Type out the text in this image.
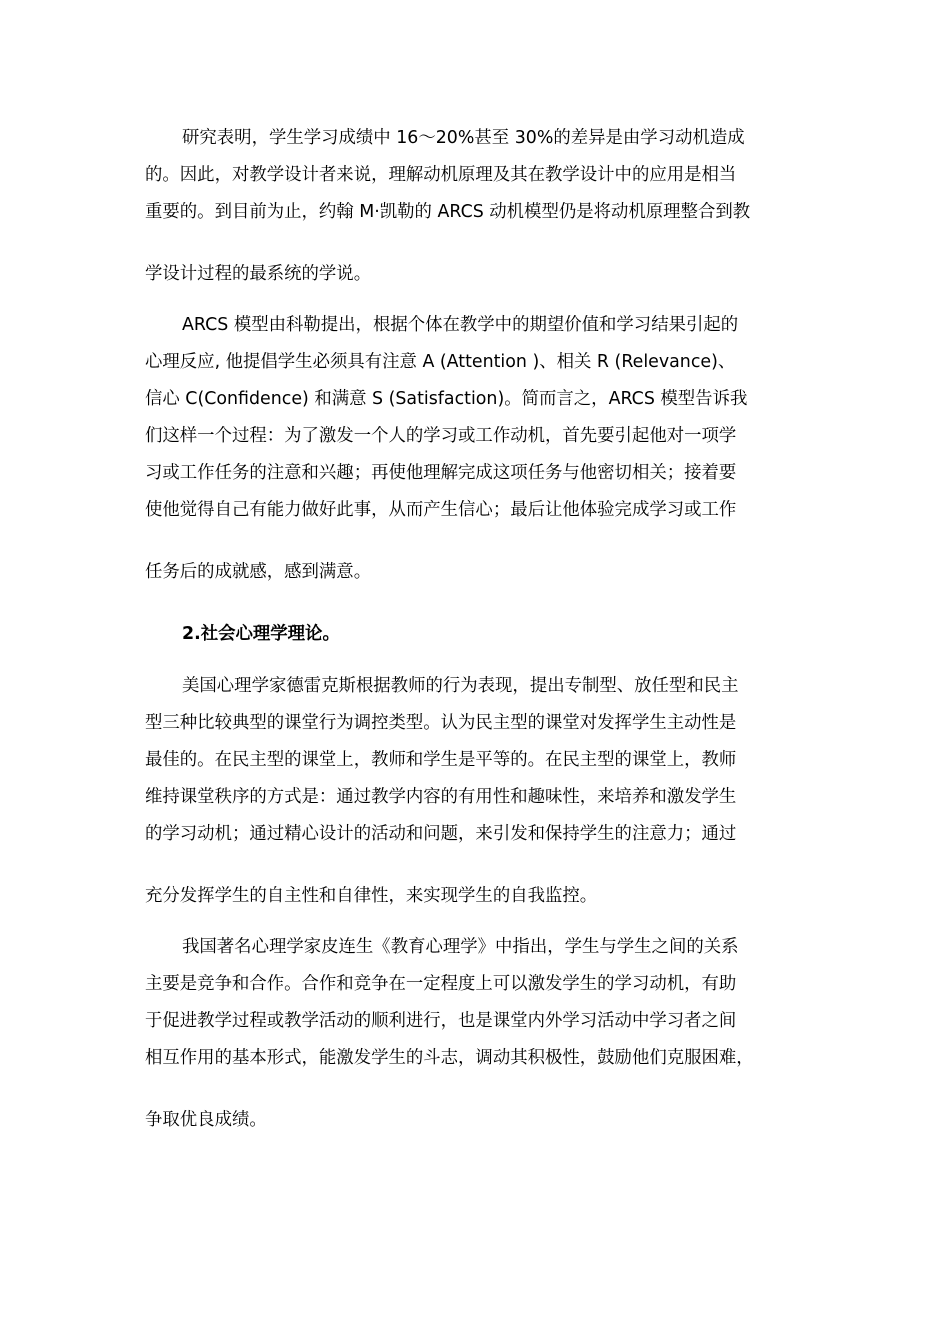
研究表明，学生学习成绩中 16～20%甚至 30%的差异是由学习动机造成
的。因此，对教学设计者来说，理解动机原理及其在教学设计中的应用是相当
重要的。到目前为止，约翰 M·凯勒的 ARCS 动机模型仍是将动机原理整合到教
学设计过程的最系统的学说。
ARCS 模型由科勒提出，根据个体在教学中的期望价值和学习结果引起的
心理反应, 他提倡学生必须具有注意 A (Attention )、相关 R (Relevance)、
信心 C(Confidence) 和满意 S (Satisfaction)。简而言之，ARCS 模型告诉我
们这样一个过程：为了激发一个人的学习或工作动机，首先要引起他对一项学
习或工作任务的注意和兴趣；再使他理解完成这项任务与他密切相关；接着要
使他觉得自己有能力做好此事，从而产生信心；最后让他体验完成学习或工作
任务后的成就感，感到满意。
2.社会心理学理论。
美国心理学家德雷克斯根据教师的行为表现，提出专制型、放任型和民主
型三种比较典型的课堂行为调控类型。认为民主型的课堂对发挥学生主动性是
最佳的。在民主型的课堂上，教师和学生是平等的。在民主型的课堂上，教师
维持课堂秩序的方式是：通过教学内容的有用性和趣味性，来培养和激发学生
的学习动机；通过精心设计的活动和问题，来引发和保持学生的注意力；通过
充分发挥学生的自主性和自律性，来实现学生的自我监控。
我国著名心理学家皮连生《教育心理学》中指出，学生与学生之间的关系
主要是竞争和合作。合作和竞争在一定程度上可以激发学生的学习动机，有助
于促进教学过程或教学活动的顺利进行，也是课堂内外学习活动中学习者之间
相互作用的基本形式，能激发学生的斗志，调动其积极性，鼓励他们克服困难，
争取优良成绩。
